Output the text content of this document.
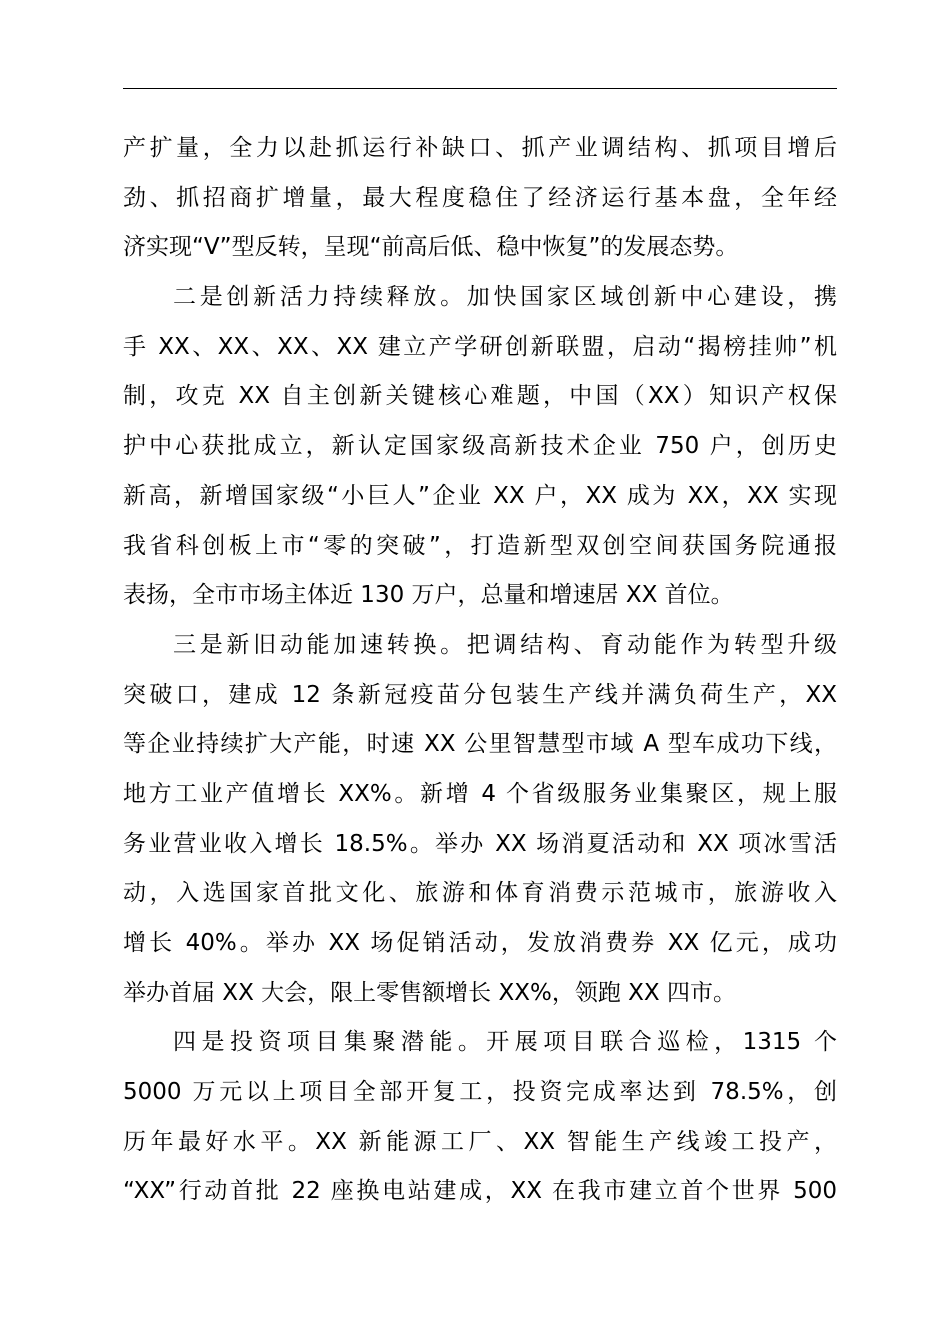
产扩量，全力以赴抓运行补缺口、抓产业调结构、抓项目增后
劲、抓招商扩增量，最大程度稳住了经济运行基本盘，全年经
济实现“V”型反转，呈现“前高后低、稳中恢复”的发展态势。
二是创新活力持续释放。加快国家区域创新中心建设，携
手 XX、XX、XX、XX 建立产学研创新联盟，启动“揭榜挂帅”机
制，攻克 XX 自主创新关键核心难题，中国（XX）知识产权保
护中心获批成立，新认定国家级高新技术企业 750 户，创历史
新高，新增国家级“小巨人”企业 XX 户，XX 成为 XX，XX 实现
我省科创板上市“零的突破”，打造新型双创空间获国务院通报
表扬，全市市场主体近 130 万户，总量和增速居 XX 首位。
三是新旧动能加速转换。把调结构、育动能作为转型升级
突破口，建成 12 条新冠疫苗分包装生产线并满负荷生产，XX
等企业持续扩大产能，时速 XX 公里智慧型市域 A 型车成功下线，
地方工业产值增长 XX%。新增 4 个省级服务业集聚区，规上服
务业营业收入增长 18.5%。举办 XX 场消夏活动和 XX 项冰雪活
动，入选国家首批文化、旅游和体育消费示范城市，旅游收入
增长 40%。举办 XX 场促销活动，发放消费券 XX 亿元，成功
举办首届 XX 大会，限上零售额增长 XX%，领跑 XX 四市。
四是投资项目集聚潜能。开展项目联合巡检，1315 个
5000 万元以上项目全部开复工，投资完成率达到 78.5%，创
历年最好水平。XX 新能源工厂、XX 智能生产线竣工投产，
“XX”行动首批 22 座换电站建成，XX 在我市建立首个世界 500
